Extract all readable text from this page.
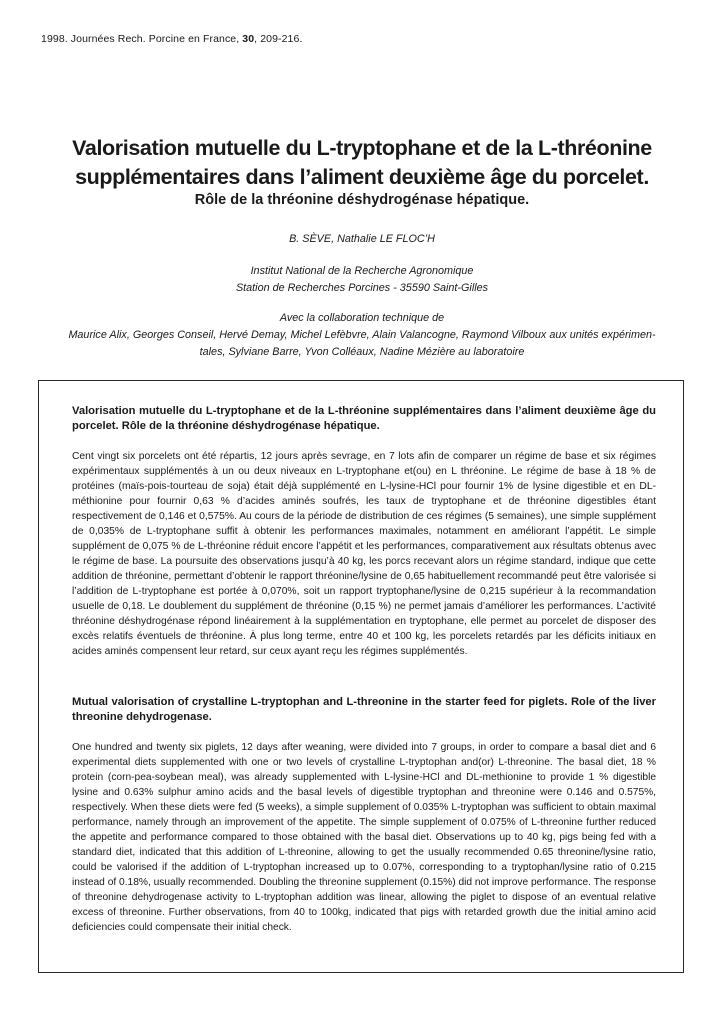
1998. Journées Rech. Porcine en France, 30, 209-216.
Valorisation mutuelle du L-tryptophane et de la L-thréonine
supplémentaires dans l’aliment deuxième âge du porcelet.
Rôle de la thréonine déshydrogénase hépatique.
B. SÈVE, Nathalie LE FLOC’H
Institut National de la Recherche Agronomique
Station de Recherches Porcines - 35590 Saint-Gilles
Avec la collaboration technique de
Maurice Alix, Georges Conseil, Hervé Demay, Michel Lefèbvre, Alain Valancogne, Raymond Vilboux aux unités expérimen-
tales, Sylviane Barre, Yvon Colléaux, Nadine Mézière au laboratoire
Valorisation mutuelle du L-tryptophane et de la L-thréonine supplémentaires dans l’aliment deuxième âge du porcelet. Rôle de la thréonine déshydrogénase hépatique.

Cent vingt six porcelets ont été répartis, 12 jours après sevrage, en 7 lots afin de comparer un régime de base et six régimes expérimentaux supplémentés à un ou deux niveaux en L-tryptophane et(ou) en L thréonine. Le régime de base à 18 % de protéines (maïs-pois-tourteau de soja) était déjà supplémenté en L-lysine-HCl pour fournir 1% de lysine digestible et en DL-méthionine pour fournir 0,63 % d’acides aminés soufrés, les taux de tryptophane et de thréonine digestibles étant respectivement de 0,146 et 0,575%. Au cours de la période de distribution de ces régimes (5 semaines), une simple supplément de 0,035% de L-tryptophane suffit à obtenir les performances maximales, notamment en améliorant l’appétit. Le simple supplément de 0,075 % de L-thréonine réduit encore l’appétit et les performances, comparativement aux résultats obtenus avec le régime de base. La poursuite des observations jusqu’à 40 kg, les porcs recevant alors un régime standard, indique que cette addition de thréonine, permettant d’obtenir le rapport thréonine/lysine de 0,65 habituellement recommandé peut être valorisée si l’addition de L-tryptophane est portée à 0,070%, soit un rapport tryptophane/lysine de 0,215 supérieur à la recommandation usuelle de 0,18. Le doublement du supplément de thréonine (0,15 %) ne permet jamais d’améliorer les performances. L’activité thréonine déshydrogénase répond linéairement à la supplémentation en tryptophane, elle permet au porcelet de disposer des excès relatifs éventuels de thréonine. À plus long terme, entre 40 et 100 kg, les porcelets retardés par les déficits initiaux en acides aminés compensent leur retard, sur ceux ayant reçu les régimes supplémentés.

Mutual valorisation of crystalline L-tryptophan and L-threonine in the starter feed for piglets. Role of the liver threonine dehydrogenase.

One hundred and twenty six piglets, 12 days after weaning, were divided into 7 groups, in order to compare a basal diet and 6 experimental diets supplemented with one or two levels of crystalline L-tryptophan and(or) L-threonine. The basal diet, 18 % protein (corn-pea-soybean meal), was already supplemented with L-lysine-HCl and DL-methionine to provide 1 % digestible lysine and 0.63% sulphur amino acids and the basal levels of digestible tryptophan and threonine were 0.146 and 0.575%, respectively. When these diets were fed (5 weeks), a simple supplement of 0.035% L-tryptophan was sufficient to obtain maximal performance, namely through an improvement of the appetite. The simple supplement of 0.075% of L-threonine further reduced the appetite and performance compared to those obtained with the basal diet. Observations up to 40 kg, pigs being fed with a standard diet, indicated that this addition of L-threonine, allowing to get the usually recommended 0.65 threonine/lysine ratio, could be valorised if the addition of L-tryptophan increased up to 0.07%, corresponding to a tryptophan/lysine ratio of 0.215 instead of 0.18%, usually recommended. Doubling the threonine supplement (0.15%) did not improve performance. The response of threonine dehydrogenase activity to L-tryptophan addition was linear, allowing the piglet to dispose of an eventual relative excess of threonine. Further observations, from 40 to 100kg, indicated that pigs with retarded growth due the initial amino acid deficiencies could compensate their initial check.
